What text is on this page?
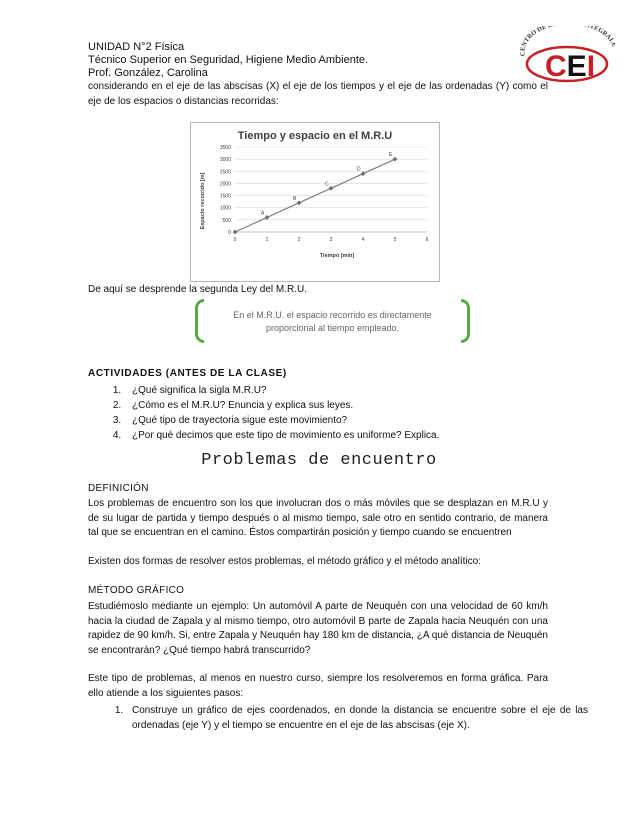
UNIDAD N°2 Física
Técnico Superior en Seguridad, Higiene Medio Ambiente.
Prof. González, Carolina
CENTRO DE TEGRAL
CEI
considerando en el eje de las abscisas (X) el eje de los tiempos y el eje de las ordenadas (Y) como el eje de los espacios o distancias recorridas:
Tiempo y espacio en el M.R.U
Espacio recorrido [m]
Tiempo [min]
0
500
1000
1500
2000
2500
3000
3500
0	1	2	3	4	5	6
A
B
C
D
E
De aquí se desprende la segunda Ley del M.R.U.
En el M.R.U. el espacio recorrido es directamente proporcional al tiempo empleado.
ACTIVIDADES (ANTES DE LA CLASE)
1. ¿Qué significa la sigla M.R.U?
2. ¿Cómo es el M.R.U? Enuncia y explica sus leyes.
3. ¿Qué tipo de trayectoria sigue este movimiento?
4. ¿Por qué decimos que este tipo de movimiento es uniforme? Explica.
Problemas de encuentro
DEFINICIÓN
Los problemas de encuentro son los que involucran dos o más móviles que se desplazan en M.R.U y de su lugar de partida y tiempo después o al mismo tiempo, sale otro en sentido contrario, de manera tal que se encuentran en el camino. Éstos compartirán posición y tiempo cuando se encuentren
Existen dos formas de resolver estos problemas, el método gráfico y el método analítico:
MÉTODO GRÁFICO
Estudiémoslo mediante un ejemplo: Un automóvil A parte de Neuquén con una velocidad de 60 km/h hacia la ciudad de Zapala y al mismo tiempo, otro automóvil B parte de Zapala hacia Neuquén con una rapidez de 90 km/h. Si, entre Zapala y Neuquén hay 180 km de distancia, ¿A qué distancia de Neuquén se encontrarán? ¿Qué tiempo habrá transcurrido?
Este tipo de problemas, al menos en nuestro curso, siempre los resolveremos en forma gráfica. Para ello atiende a los siguientes pasos:
1. Construye un gráfico de ejes coordenados, en donde la distancia se encuentre sobre el eje de las ordenadas (eje Y) y el tiempo se encuentre en el eje de las abscisas (eje X).
